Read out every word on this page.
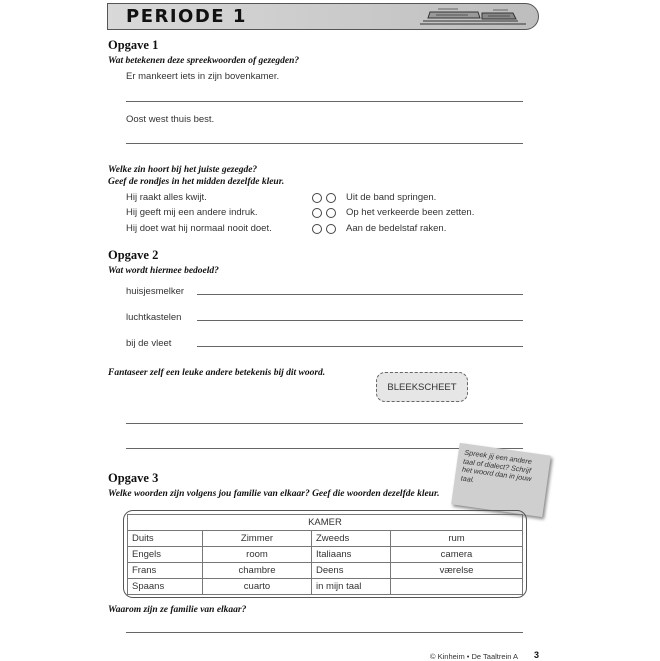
PERIODE 1
Opgave 1
Wat betekenen deze spreekwoorden of gezegden?
Er mankeert iets in zijn bovenkamer.
Oost west thuis best.
Welke zin hoort bij het juiste gezegde?
Geef de rondjes in het midden dezelfde kleur.
Hij raakt alles kwijt.
Hij geeft mij een andere indruk.
Hij doet wat hij normaal nooit doet.
Uit de band springen.
Op het verkeerde been zetten.
Aan de bedelstaf raken.
Opgave 2
Wat wordt hiermee bedoeld?
huisjesmelker
luchtkastelen
bij de vleet
Fantaseer zelf een leuke andere betekenis bij dit woord.
BLEEKSCHEET
Opgave 3
Welke woorden zijn volgens jou familie van elkaar? Geef die woorden dezelfde kleur.
Spreek jij een andere taal of dialect? Schrijf het woord dan in jouw taal.
KAMER			
Duits	Zimmer	Zweeds	rum
Engels	room	Italiaans	camera
Frans	chambre	Deens	værelse
Spaans	cuarto	in mijn taal	
Waarom zijn ze familie van elkaar?
© Kinheim • De Taaltrein A	3
